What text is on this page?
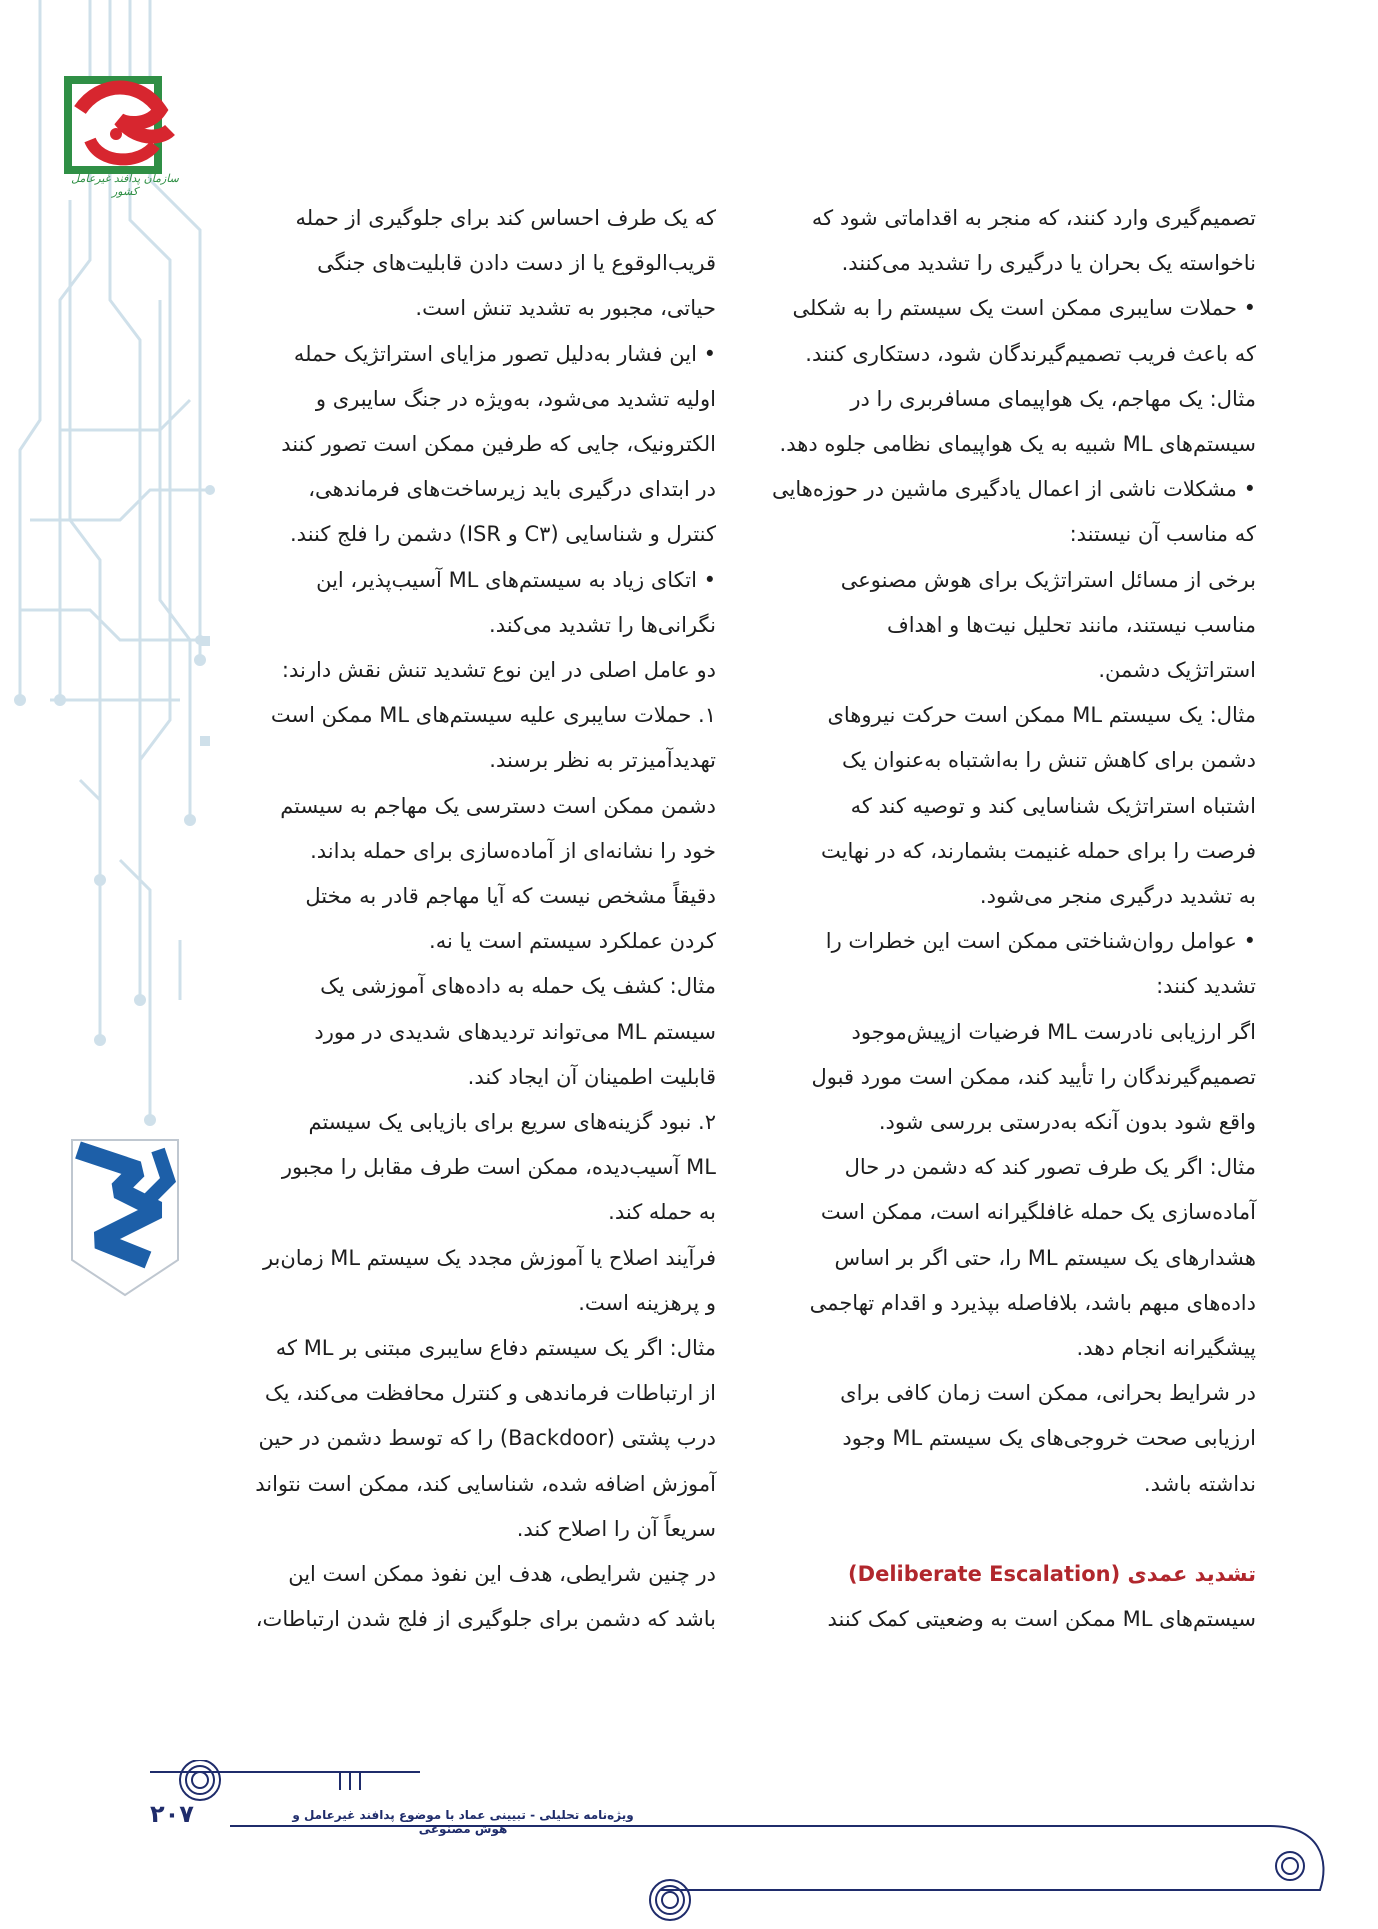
سازمان پدافند غیرعامل کشور

تصمیم‌گیری وارد کنند، که منجر به اقداماتی شود که

ناخواسته یک بحران یا درگیری را تشدید می‌کنند.

• حملات سایبری ممکن است یک سیستم را به شکلی

که باعث فریب تصمیم‌گیرندگان شود، دستکاری کنند.

مثال: یک مهاجم، یک هواپیمای مسافربری را در

سیستم‌های ML شبیه به یک هواپیمای نظامی جلوه دهد.

• مشکلات ناشی از اعمال یادگیری ماشین در حوزه‌هایی

که مناسب آن نیستند:

برخی از مسائل استراتژیک برای هوش مصنوعی

مناسب نیستند، مانند تحلیل نیت‌ها و اهداف

استراتژیک دشمن.

مثال: یک سیستم ML ممکن است حرکت نیروهای

دشمن برای کاهش تنش را به‌اشتباه به‌عنوان یک

اشتباه استراتژیک شناسایی کند و توصیه کند که

فرصت را برای حمله غنیمت بشمارند، که در نهایت

به تشدید درگیری منجر می‌شود.

• عوامل روان‌شناختی ممکن است این خطرات را

تشدید کنند:

اگر ارزیابی نادرست ML فرضیات ازپیش‌موجود

تصمیم‌گیرندگان را تأیید کند، ممکن است مورد قبول

واقع شود بدون آنکه به‌درستی بررسی شود.

مثال: اگر یک طرف تصور کند که دشمن در حال

آماده‌سازی یک حمله غافلگیرانه است، ممکن است

هشدارهای یک سیستم ML را، حتی اگر بر اساس

داده‌های مبهم باشد، بلافاصله بپذیرد و اقدام تهاجمی

پیشگیرانه انجام دهد.

در شرایط بحرانی، ممکن است زمان کافی برای

ارزیابی صحت خروجی‌های یک سیستم ML وجود

نداشته باشد.

تشدید عمدی (Deliberate Escalation)

سیستم‌های ML ممکن است به وضعیتی کمک کنند

که یک طرف احساس کند برای جلوگیری از حمله

قریب‌الوقوع یا از دست دادن قابلیت‌های جنگی

حیاتی، مجبور به تشدید تنش است.

• این فشار به‌دلیل تصور مزایای استراتژیک حمله

اولیه تشدید می‌شود، به‌ویژه در جنگ سایبری و

الکترونیک، جایی که طرفین ممکن است تصور کنند

در ابتدای درگیری باید زیرساخت‌های فرماندهی،

کنترل و شناسایی (C۳ و ISR) دشمن را فلج کنند.

• اتکای زیاد به سیستم‌های ML آسیب‌پذیر، این

نگرانی‌ها را تشدید می‌کند.

دو عامل اصلی در این نوع تشدید تنش نقش دارند:

۱. حملات سایبری علیه سیستم‌های ML ممکن است

تهدیدآمیزتر به نظر برسند.

دشمن ممکن است دسترسی یک مهاجم به سیستم

خود را نشانه‌ای از آماده‌سازی برای حمله بداند.

دقیقاً مشخص نیست که آیا مهاجم قادر به مختل

کردن عملکرد سیستم است یا نه.

مثال: کشف یک حمله به داده‌های آموزشی یک

سیستم ML می‌تواند تردیدهای شدیدی در مورد

قابلیت اطمینان آن ایجاد کند.

۲. نبود گزینه‌های سریع برای بازیابی یک سیستم

ML آسیب‌دیده، ممکن است طرف مقابل را مجبور

به حمله کند.

فرآیند اصلاح یا آموزش مجدد یک سیستم ML زمان‌بر

و پرهزینه است.

مثال: اگر یک سیستم دفاع سایبری مبتنی بر ML که

از ارتباطات فرماندهی و کنترل محافظت می‌کند، یک

درب پشتی (Backdoor) را که توسط دشمن در حین

آموزش اضافه شده، شناسایی کند، ممکن است نتواند

سریعاً آن را اصلاح کند.

در چنین شرایطی، هدف این نفوذ ممکن است این

باشد که دشمن برای جلوگیری از فلج شدن ارتباطات،

۲۰۷	ویژه‌نامه تحلیلی - تبیینی عماد با موضوع پدافند غیرعامل و هوش مصنوعی
